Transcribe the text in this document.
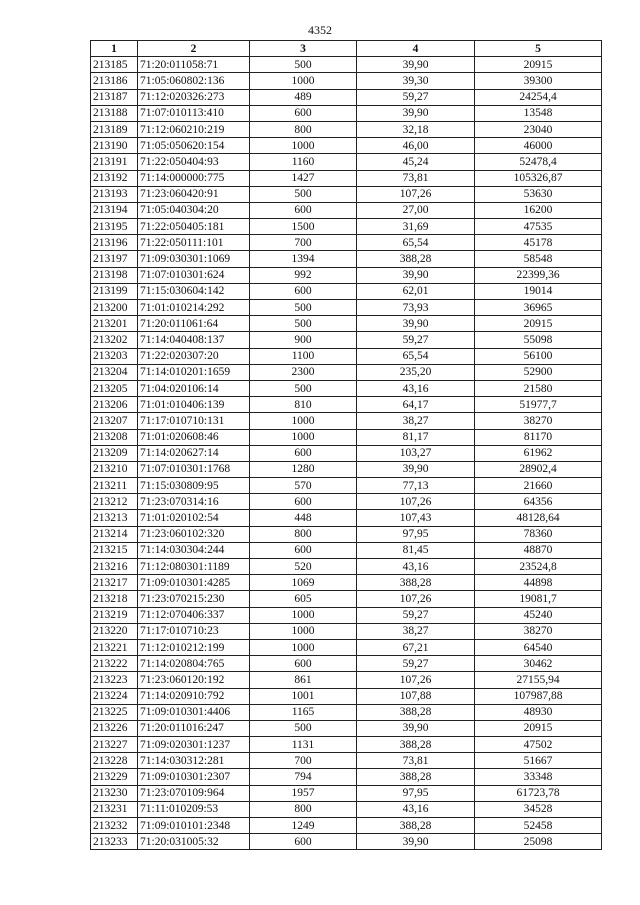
4352
1	2	3	4	5
213185	71:20:011058:71	500	39,90	20915
213186	71:05:060802:136	1000	39,30	39300
213187	71:12:020326:273	489	59,27	24254,4
213188	71:07:010113:410	600	39,90	13548
213189	71:12:060210:219	800	32,18	23040
213190	71:05:050620:154	1000	46,00	46000
213191	71:22:050404:93	1160	45,24	52478,4
213192	71:14:000000:775	1427	73,81	105326,87
213193	71:23:060420:91	500	107,26	53630
213194	71:05:040304:20	600	27,00	16200
213195	71:22:050405:181	1500	31,69	47535
213196	71:22:050111:101	700	65,54	45178
213197	71:09:030301:1069	1394	388,28	58548
213198	71:07:010301:624	992	39,90	22399,36
213199	71:15:030604:142	600	62,01	19014
213200	71:01:010214:292	500	73,93	36965
213201	71:20:011061:64	500	39,90	20915
213202	71:14:040408:137	900	59,27	55098
213203	71:22:020307:20	1100	65,54	56100
213204	71:14:010201:1659	2300	235,20	52900
213205	71:04:020106:14	500	43,16	21580
213206	71:01:010406:139	810	64,17	51977,7
213207	71:17:010710:131	1000	38,27	38270
213208	71:01:020608:46	1000	81,17	81170
213209	71:14:020627:14	600	103,27	61962
213210	71:07:010301:1768	1280	39,90	28902,4
213211	71:15:030809:95	570	77,13	21660
213212	71:23:070314:16	600	107,26	64356
213213	71:01:020102:54	448	107,43	48128,64
213214	71:23:060102:320	800	97,95	78360
213215	71:14:030304:244	600	81,45	48870
213216	71:12:080301:1189	520	43,16	23524,8
213217	71:09:010301:4285	1069	388,28	44898
213218	71:23:070215:230	605	107,26	19081,7
213219	71:12:070406:337	1000	59,27	45240
213220	71:17:010710:23	1000	38,27	38270
213221	71:12:010212:199	1000	67,21	64540
213222	71:14:020804:765	600	59,27	30462
213223	71:23:060120:192	861	107,26	27155,94
213224	71:14:020910:792	1001	107,88	107987,88
213225	71:09:010301:4406	1165	388,28	48930
213226	71:20:011016:247	500	39,90	20915
213227	71:09:020301:1237	1131	388,28	47502
213228	71:14:030312:281	700	73,81	51667
213229	71:09:010301:2307	794	388,28	33348
213230	71:23:070109:964	1957	97,95	61723,78
213231	71:11:010209:53	800	43,16	34528
213232	71:09:010101:2348	1249	388,28	52458
213233	71:20:031005:32	600	39,90	25098
